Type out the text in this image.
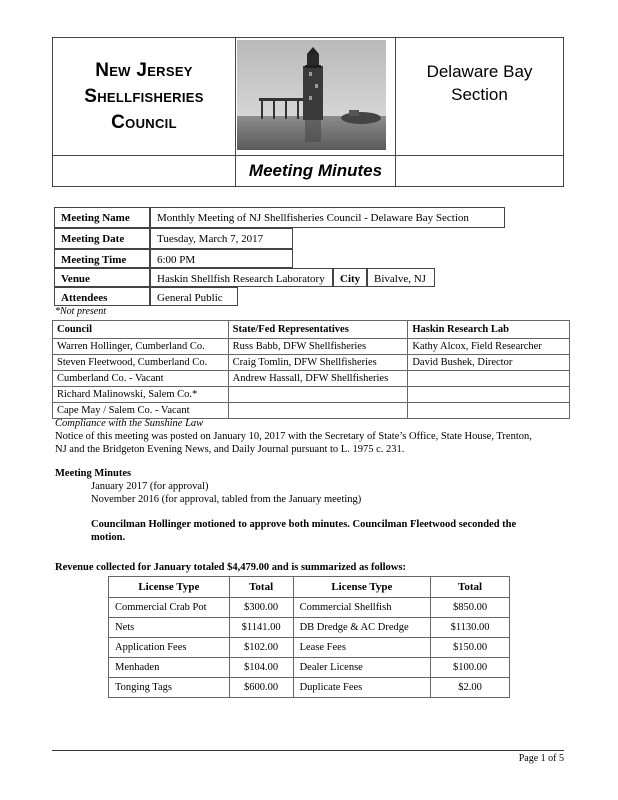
New Jersey
Shellfisheries
Council
Delaware Bay
Section
Meeting Minutes
Meeting Name	Monthly Meeting of NJ Shellfisheries Council - Delaware Bay Section
Meeting Date	Tuesday, March 7, 2017
Meeting Time	6:00 PM
Venue	Haskin Shellfish Research Laboratory	City	Bivalve, NJ
Attendees	General Public
*Not present
Council	State/Fed Representatives	Haskin Research Lab
Warren Hollinger, Cumberland Co.	Russ Babb, DFW Shellfisheries	Kathy Alcox, Field Researcher
Steven Fleetwood, Cumberland Co.	Craig Tomlin, DFW Shellfisheries	David Bushek, Director
Cumberland Co. - Vacant	Andrew Hassall, DFW Shellfisheries	
Richard Malinowski, Salem Co.*		
Cape May / Salem Co. - Vacant		
Compliance with the Sunshine Law
Notice of this meeting was posted on January 10, 2017 with the Secretary of State’s Office, State House, Trenton,
NJ and the Bridgeton Evening News, and Daily Journal pursuant to L. 1975 c. 231.
Meeting Minutes
January 2017 (for approval)
November 2016 (for approval, tabled from the January meeting)
Councilman Hollinger motioned to approve both minutes. Councilman Fleetwood seconded the
motion.
Revenue collected for January totaled $4,479.00 and is summarized as follows:
License Type	Total	License Type	Total
Commercial Crab Pot	$300.00	Commercial Shellfish	$850.00
Nets	$1141.00	DB Dredge & AC Dredge	$1130.00
Application Fees	$102.00	Lease Fees	$150.00
Menhaden	$104.00	Dealer License	$100.00
Tonging Tags	$600.00	Duplicate Fees	$2.00
Page 1 of 5
